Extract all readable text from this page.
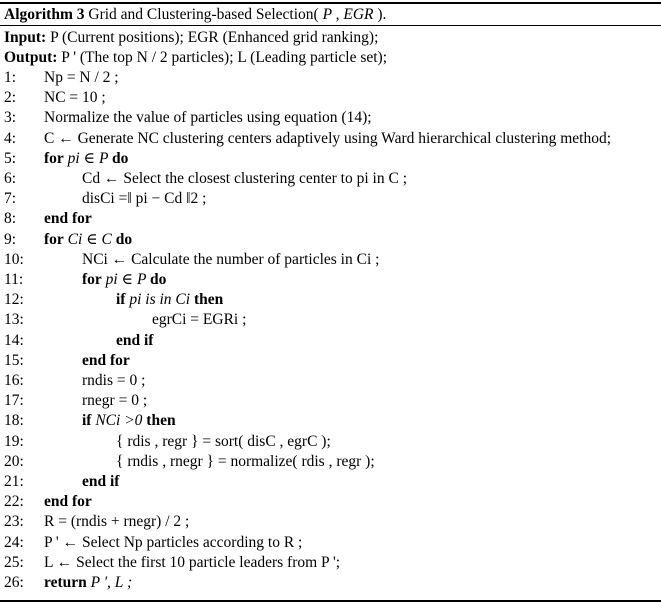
Algorithm 3 Grid and Clustering-based Selection( P , EGR ).
Input: P (Current positions); EGR (Enhanced grid ranking);
Output: P ' (The top N / 2 particles); L (Leading particle set);
1:	Np = N / 2 ;
2:	NC = 10 ;
3:	Normalize the value of particles using equation (14);
4:	C ← Generate NC clustering centers adaptively using Ward hierarchical clustering method;
5:	for pi ∈ P do
6:	Cd ← Select the closest clustering center to pi in C ;
7:	disCi =‖ pi − Cd ‖2 ;
8:	end for
9:	for Ci ∈ C do
10:	NCi ← Calculate the number of particles in Ci ;
11:	for pi ∈ P do
12:	if pi is in Ci then
13:	egrCi = EGRi ;
14:	end if
15:	end for
16:	rndis = 0 ;
17:	rnegr = 0 ;
18:	if NCi >0 then
19:	{ rdis , regr } = sort( disC , egrC );
20:	{ rndis , rnegr } = normalize( rdis , regr );
21:	end if
22:	end for
23:	R = (rndis + rnegr) / 2 ;
24:	P ' ← Select Np particles according to R ;
25:	L ← Select the first 10 particle leaders from P ';
26:	return P ', L ;
